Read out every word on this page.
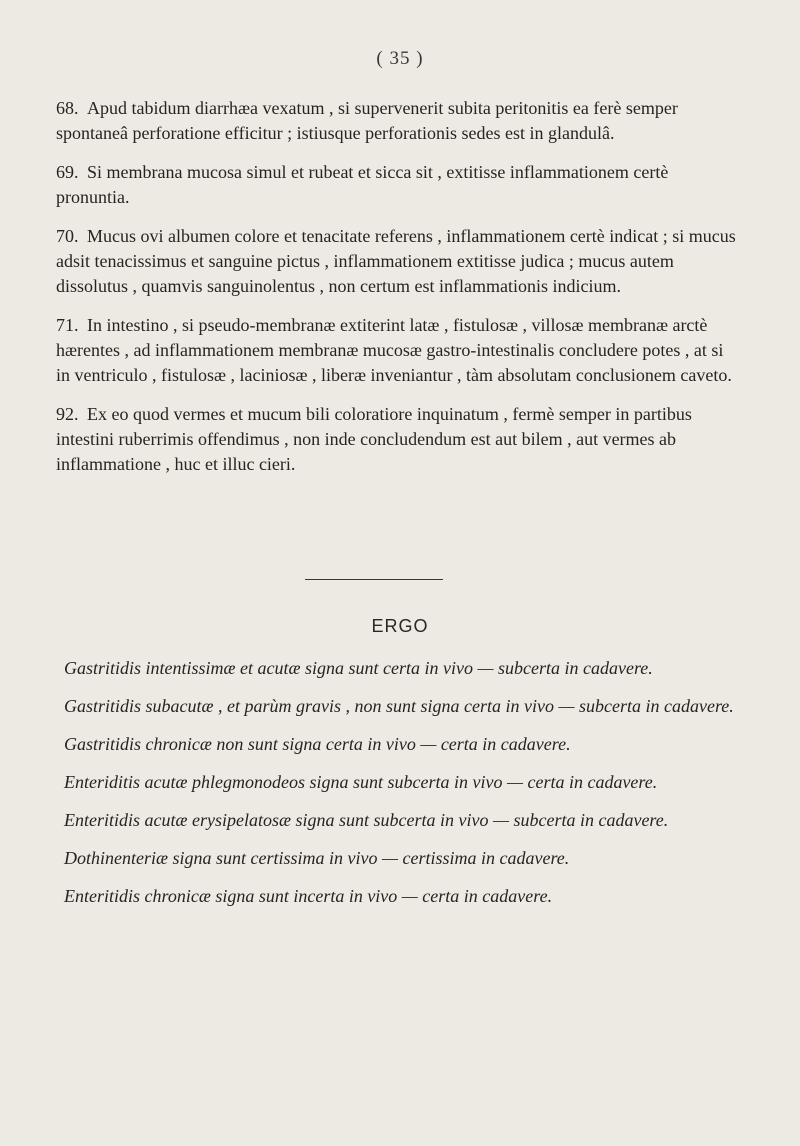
( 35 )

68. Apud tabidum diarrhæa vexatum , si supervenerit subita peritonitis ea ferè semper spontaneâ perforatione efficitur ; istiusque perforationis sedes est in glandulâ.

69. Si membrana mucosa simul et rubeat et sicca sit , extitisse inflammationem certè pronuntia.

70. Mucus ovi albumen colore et tenacitate referens , inflammationem certè indicat ; si mucus adsit tenacissimus et sanguine pictus , inflammationem extitisse judica ; mucus autem dissolutus , quamvis sanguinolentus , non certum est inflammationis indicium.

71. In intestino , si pseudo-membranæ extiterint latæ , fistulosæ , villosæ membranæ arctè hærentes , ad inflammationem membranæ mucosæ gastro-intestinalis concludere potes , at si in ventriculo , fistulosæ , laciniosæ , liberæ inveniantur , tàm absolutam conclusionem caveto.

92. Ex eo quod vermes et mucum bili coloratiore inquinatum , fermè semper in partibus intestini ruberrimis offendimus , non inde concludendum est aut bilem , aut vermes ab inflammatione , huc et illuc cieri.

ERGO

Gastritidis intentissimæ et acutæ signa sunt certa in vivo — subcerta in cadavere.

Gastritidis subacutæ , et parùm gravis , non sunt signa certa in vivo — subcerta in cadavere.

Gastritidis chronicæ non sunt signa certa in vivo — certa in cadavere.

Enteriditis acutæ phlegmonodeos signa sunt subcerta in vivo — certa in cadavere.

Enteritidis acutæ erysipelatosæ signa sunt subcerta in vivo — subcerta in cadavere.

Dothinenteriæ signa sunt certissima in vivo — certissima in cadavere.

Enteritidis chronicæ signa sunt incerta in vivo — certa in cadavere.
